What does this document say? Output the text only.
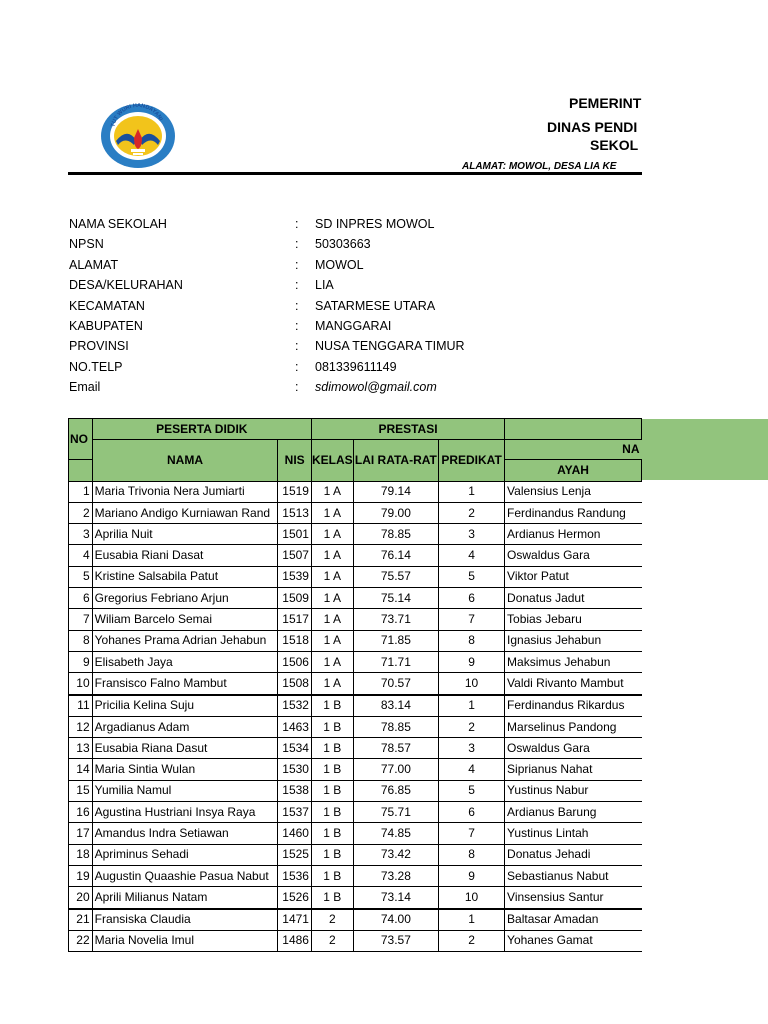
TUT WURI HANDAYANI
PEMERINT
DINAS PENDI
SEKOL
ALAMAT: MOWOL, DESA LIA KE
NAMA SEKOLAH	: SD INPRES MOWOL
NPSN	: 50303663
ALAMAT	: MOWOL
DESA/KELURAHAN	: LIA
KECAMATAN	: SATARMESE UTARA
KABUPATEN	: MANGGARAI
PROVINSI	: NUSA TENGGARA TIMUR
NO.TELP	: 081339611149
Email	: sdimowol@gmail.com
NO	PESERTA DIDIK		PRESTASI			
	NAMA	NIS	KELAS	LAI RATA-RAT	PREDIKAT	NA
						AYAH
1	Maria Trivonia Nera Jumiarti	1519	1 A	79.14	1	Valensius Lenja
2	Mariano Andigo Kurniawan Rand	1513	1 A	79.00	2	Ferdinandus Randung
3	Aprilia Nuit	1501	1 A	78.85	3	Ardianus Hermon
4	Eusabia Riani Dasat	1507	1 A	76.14	4	Oswaldus Gara
5	Kristine Salsabila Patut	1539	1 A	75.57	5	Viktor Patut
6	Gregorius Febriano Arjun	1509	1 A	75.14	6	Donatus Jadut
7	Wiliam Barcelo Semai	1517	1 A	73.71	7	Tobias Jebaru
8	Yohanes Prama Adrian Jehabun	1518	1 A	71.85	8	Ignasius Jehabun
9	Elisabeth Jaya	1506	1 A	71.71	9	Maksimus Jehabun
10	Fransisco Falno Mambut	1508	1 A	70.57	10	Valdi Rivanto Mambut
11	Pricilia Kelina Suju	1532	1 B	83.14	1	Ferdinandus Rikardus
12	Argadianus Adam	1463	1 B	78.85	2	Marselinus Pandong
13	Eusabia Riana Dasut	1534	1 B	78.57	3	Oswaldus Gara
14	Maria Sintia Wulan	1530	1 B	77.00	4	Siprianus Nahat
15	Yumilia Namul	1538	1 B	76.85	5	Yustinus Nabur
16	Agustina Hustriani Insya Raya	1537	1 B	75.71	6	Ardianus Barung
17	Amandus Indra Setiawan	1460	1 B	74.85	7	Yustinus Lintah
18	Apriminus Sehadi	1525	1 B	73.42	8	Donatus Jehadi
19	Augustin Quaashie Pasua Nabut	1536	1 B	73.28	9	Sebastianus Nabut
20	Aprili Milianus Natam	1526	1 B	73.14	10	Vinsensius Santur
21	Fransiska Claudia	1471	2	74.00	1	Baltasar Amadan
22	Maria Novelia Imul	1486	2	73.57	2	Yohanes Gamat
